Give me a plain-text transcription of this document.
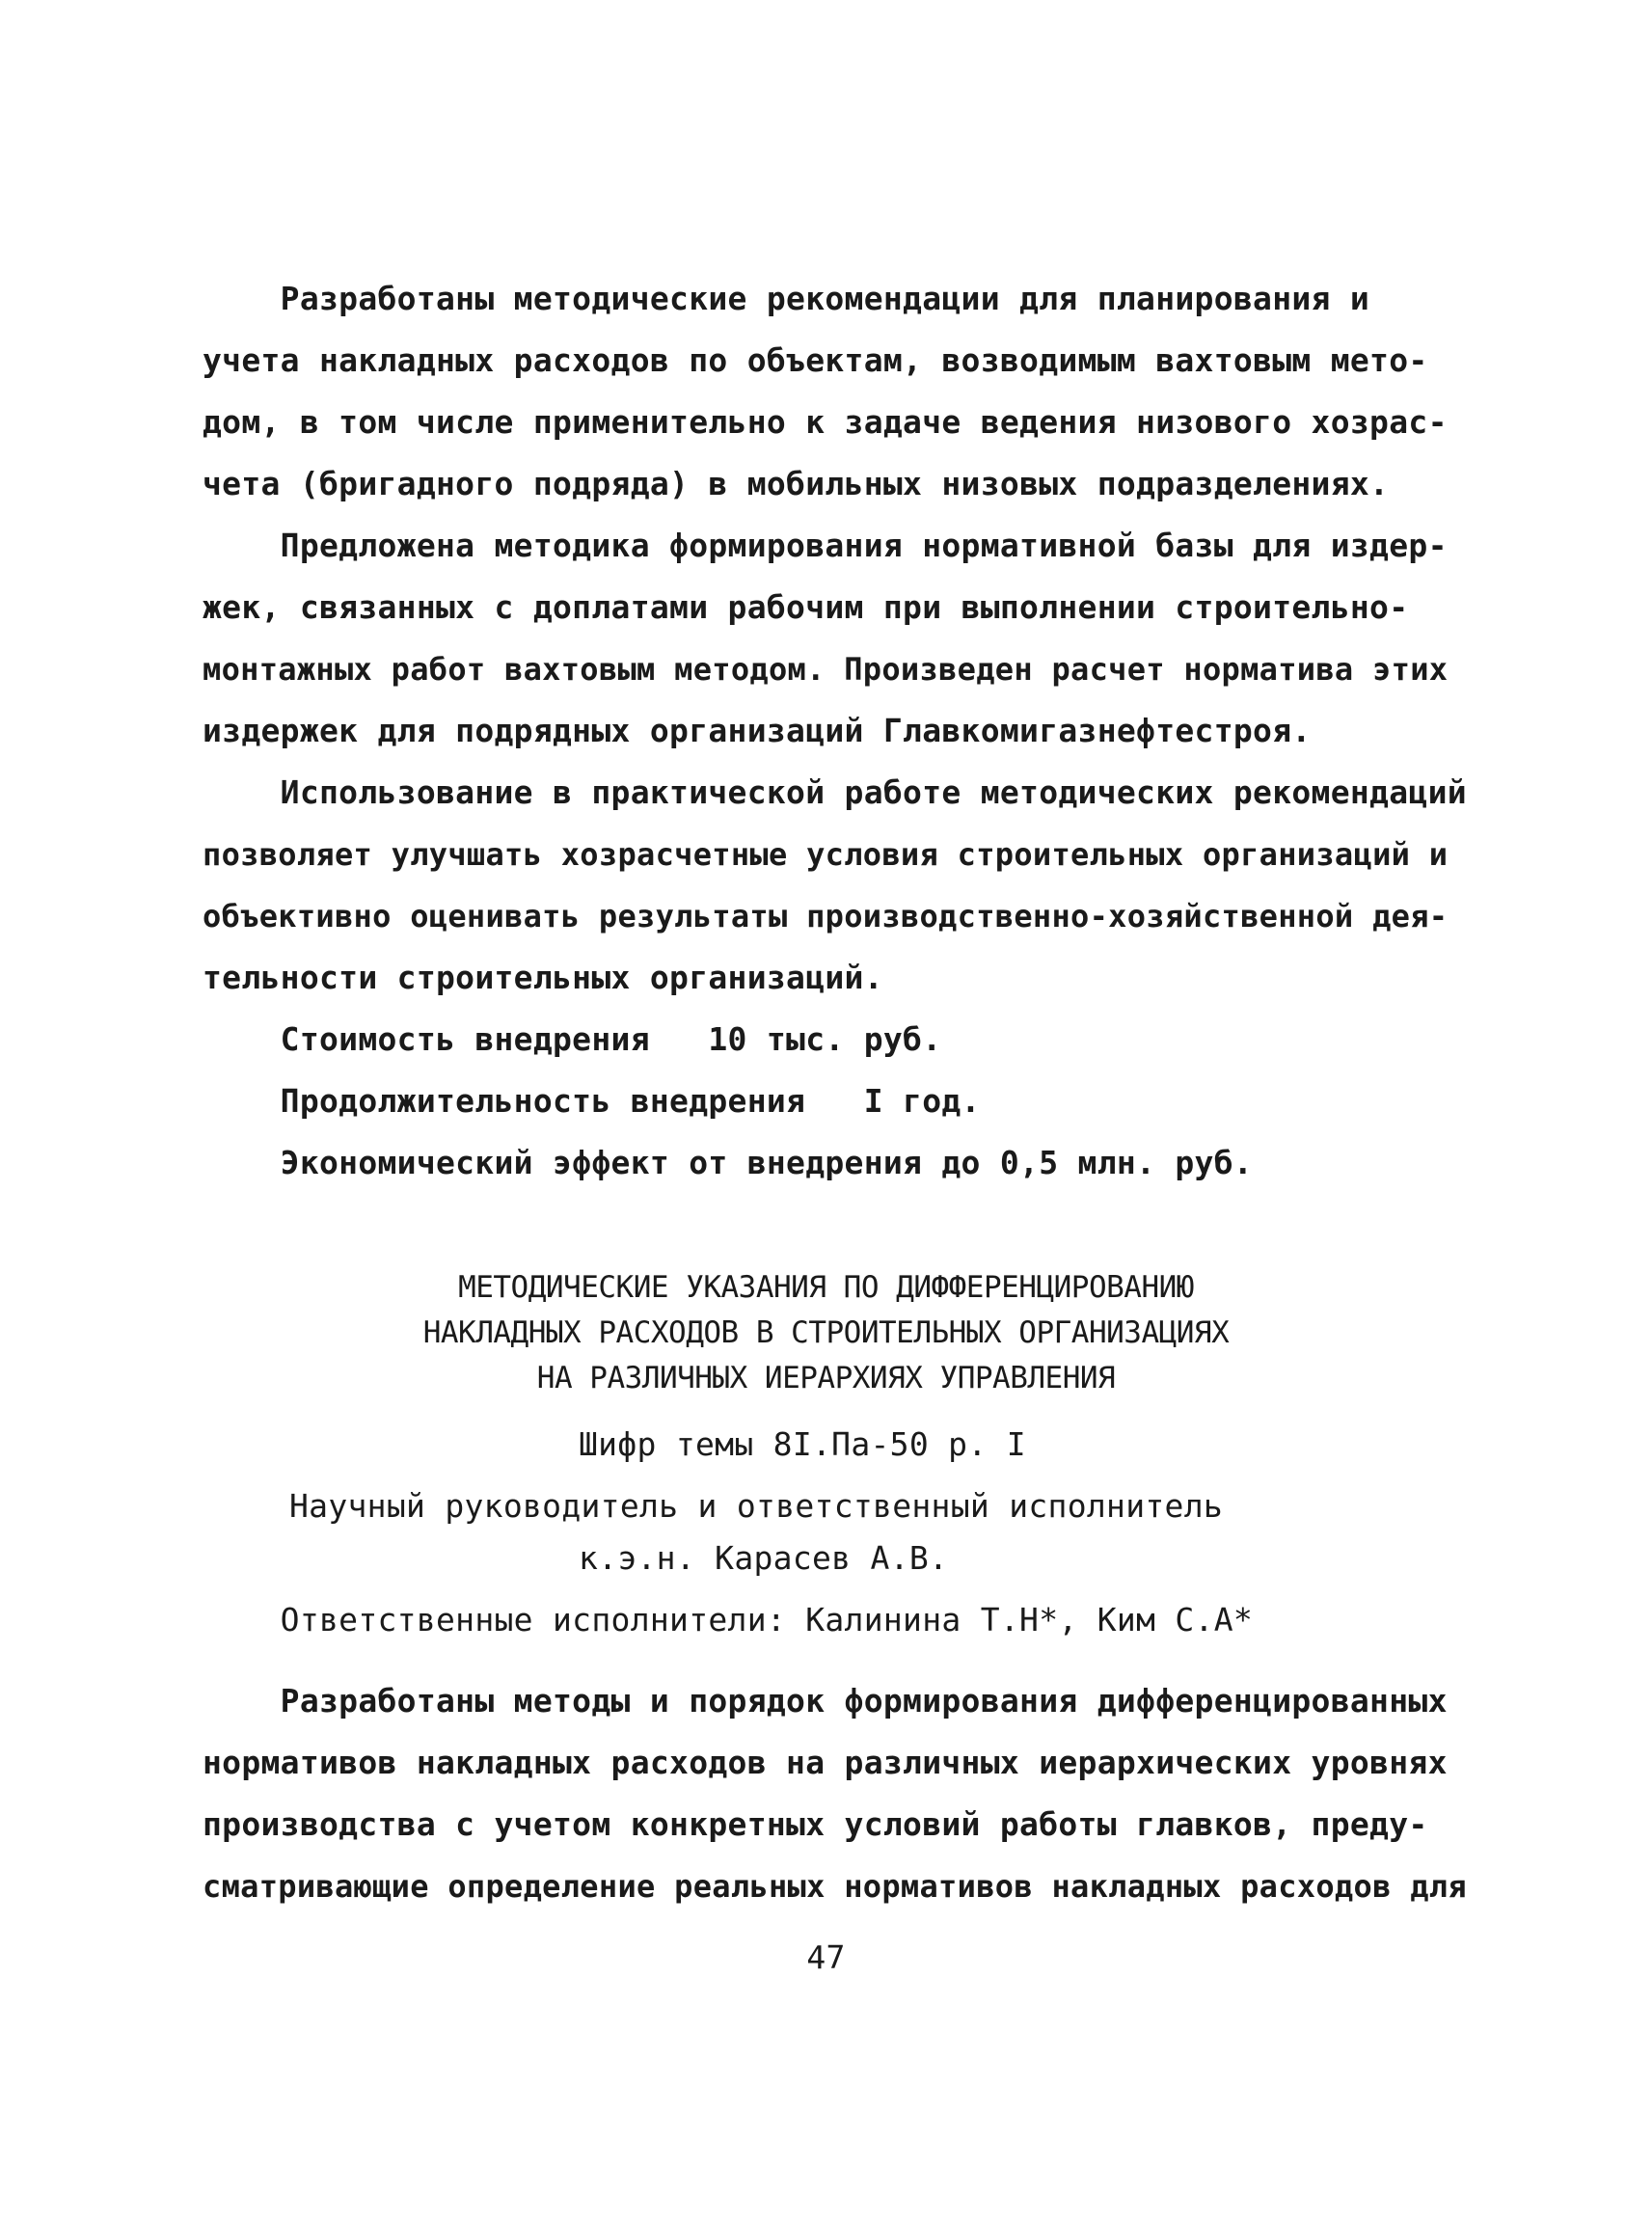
Разработаны методические рекомендации для планирования и
учета накладных расходов по объектам, возводимым вахтовым мето-
дом, в том числе применительно к задаче ведения низового хозрас-
чета (бригадного подряда) в мобильных низовых подразделениях.
Предложена методика формирования нормативной базы для издер-
жек, связанных с доплатами рабочим при выполнении строительно-
монтажных работ вахтовым методом. Произведен расчет норматива этих
издержек для подрядных организаций Главкомигазнефтестроя.
Использование в практической работе методических рекомендаций
позволяет улучшать хозрасчетные условия строительных организаций и
объективно оценивать результаты производственно-хозяйственной дея-
тельности строительных организаций.
Стоимость внедрения   10 тыс. руб.
Продолжительность внедрения   I год.
Экономический эффект от внедрения до 0,5 млн. руб.
МЕТОДИЧЕСКИЕ УКАЗАНИЯ ПО ДИФФЕРЕНЦИРОВАНИЮ
НАКЛАДНЫХ РАСХОДОВ В СТРОИТЕЛЬНЫХ ОРГАНИЗАЦИЯХ
НА РАЗЛИЧНЫХ ИЕРАРХИЯХ УПРАВЛЕНИЯ
Шифр темы 8I.Па-50 р. I
Научный руководитель и ответственный исполнитель
к.э.н. Карасев А.В.
Ответственные исполнители: Калинина Т.Н*, Ким С.А*
Разработаны методы и порядок формирования дифференцированных
нормативов накладных расходов на различных иерархических уровнях
производства с учетом конкретных условий работы главков, преду-
сматривающие определение реальных нормативов накладных расходов для
47
